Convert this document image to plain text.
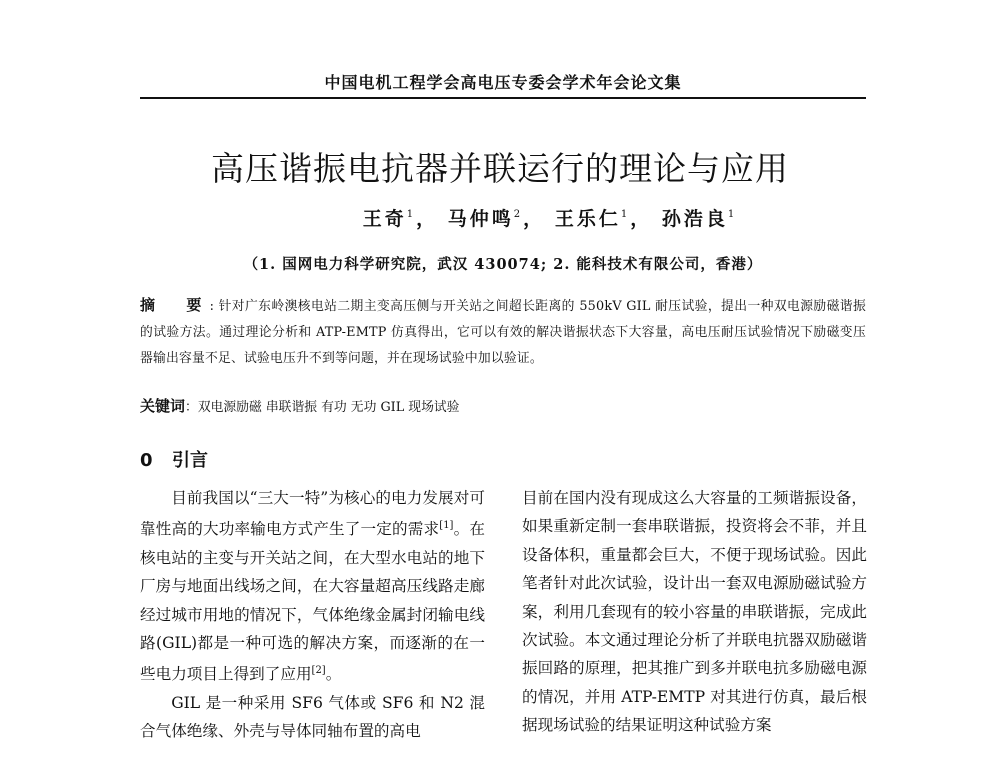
中国电机工程学会高电压专委会学术年会论文集
高压谐振电抗器并联运行的理论与应用
王奇$^1$， 马仲鸣$^2$， 王乐仁$^1$， 孙浩良$^1$
（1. 国网电力科学研究院，武汉 430074; 2. 能科技术有限公司，香港）
摘　要: 针对广东岭澳核电站二期主变高压侧与开关站之间超长距离的 550kV GIL 耐压试验，提出一种双电源励磁谐振的试验方法。通过理论分析和 ATP-EMTP 仿真得出，它可以有效的解决谐振状态下大容量，高电压耐压试验情况下励磁变压器输出容量不足、试验电压升不到等问题，并在现场试验中加以验证。
关键词：双电源励磁 串联谐振 有功 无功 GIL 现场试验
0 引言

目前我国以“三大一特”为核心的电力发展对可靠性高的大功率输电方式产生了一定的需求[1]。在核电站的主变与开关站之间，在大型水电站的地下厂房与地面出线场之间，在大容量超高压线路走廊经过城市用地的情况下，气体绝缘金属封闭输电线路(GIL)都是一种可选的解决方案，而逐渐的在一些电力项目上得到了应用[2]。

GIL 是一种采用 SF6 气体或 SF6 和 N2 混合气体绝缘、外壳与导体同轴布置的高电

目前在国内没有现成这么大容量的工频谐振设备，如果重新定制一套串联谐振，投资将会不菲，并且设备体积，重量都会巨大，不便于现场试验。因此笔者针对此次试验，设计出一套双电源励磁试验方案，利用几套现有的较小容量的串联谐振，完成此次试验。本文通过理论分析了并联电抗器双励磁谐振回路的原理，把其推广到多并联电抗多励磁电源的情况，并用 ATP-EMTP 对其进行仿真，最后根据现场试验的结果证明这种试验方案
